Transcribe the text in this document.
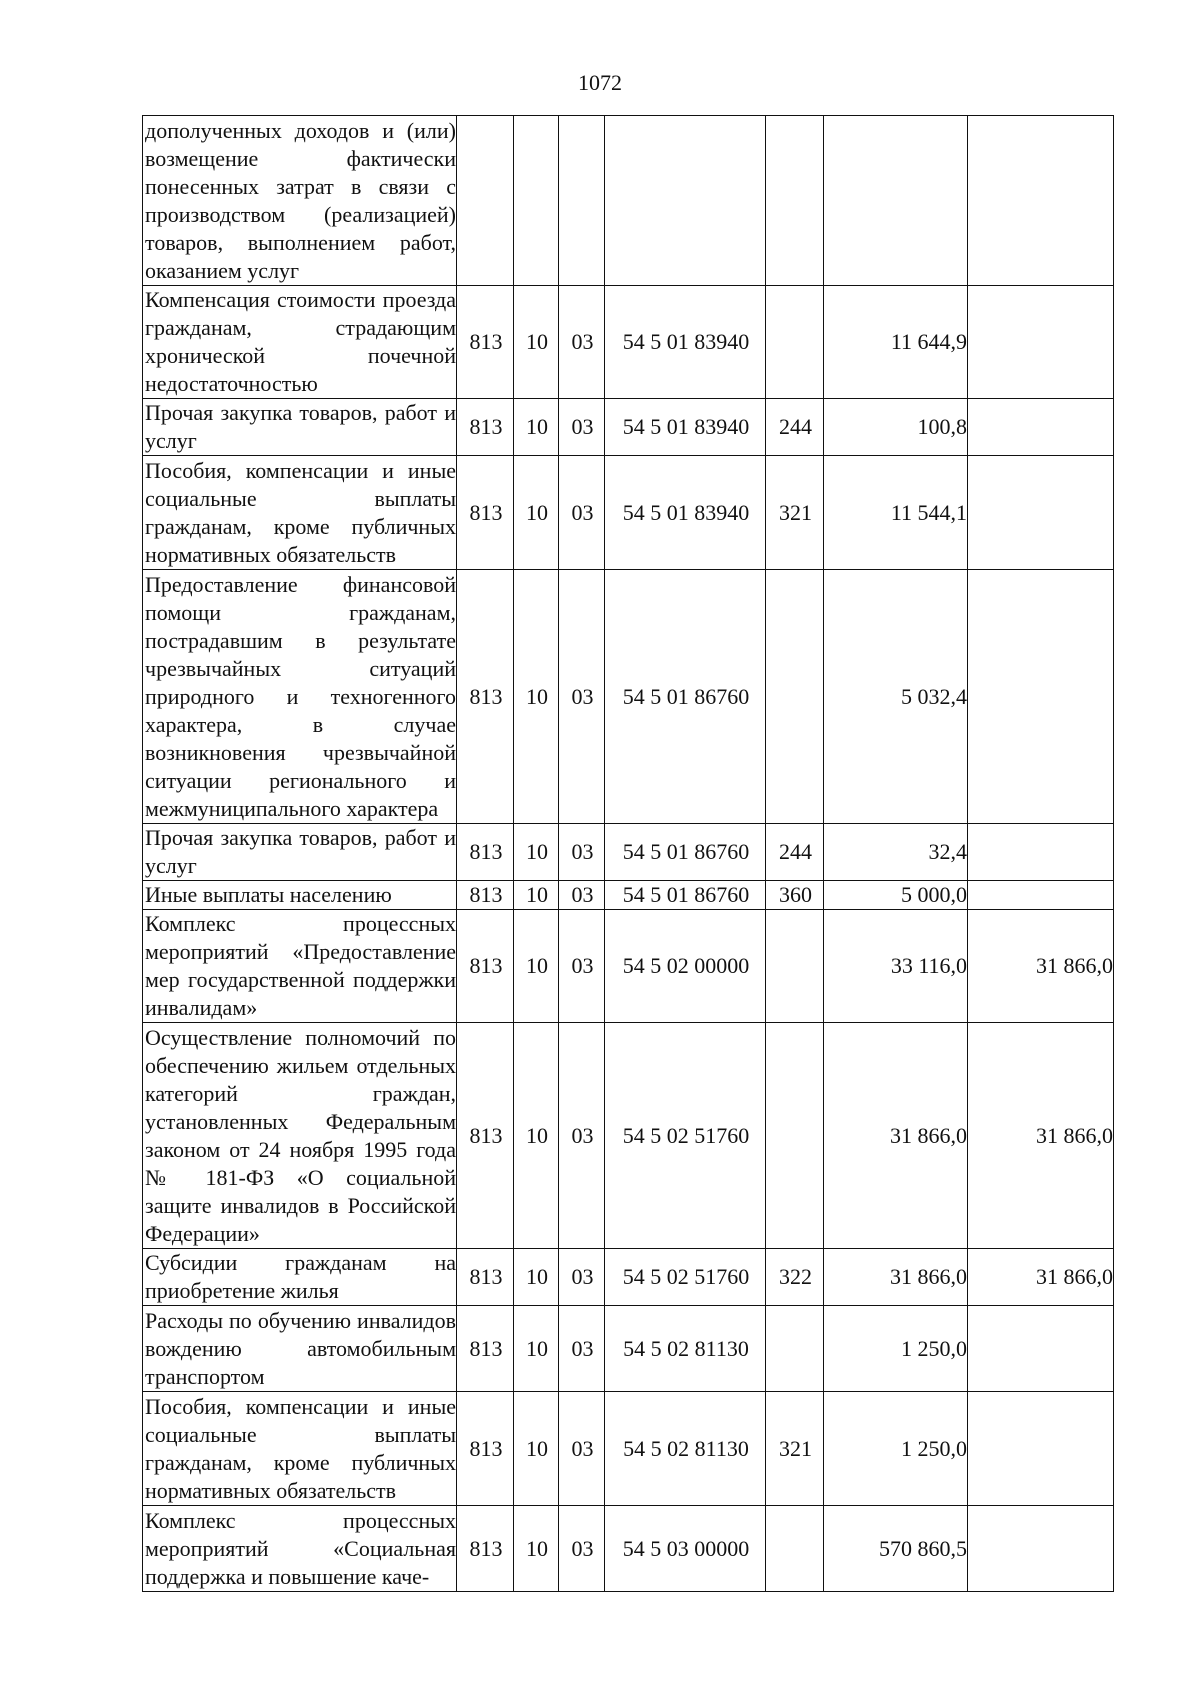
1072
дополученных доходов и (или) возмещение фактически понесенных затрат в связи с производством (реализацией) товаров, выполнением работ, оказанием услуг							
Компенсация стоимости проезда гражданам, страдающим хронической почечной недостаточностью	813	10	03	54 5 01 83940		11 644,9	
Прочая закупка товаров, работ и услуг	813	10	03	54 5 01 83940	244	100,8	
Пособия, компенсации и иные социальные выплаты гражданам, кроме публичных нормативных обязательств	813	10	03	54 5 01 83940	321	11 544,1	
Предоставление финансовой помощи гражданам, пострадавшим в результате чрезвычайных ситуаций природного и техногенного характера, в случае возникновения чрезвычайной ситуации регионального и межмуниципального характера	813	10	03	54 5 01 86760		5 032,4	
Прочая закупка товаров, работ и услуг	813	10	03	54 5 01 86760	244	32,4	
Иные выплаты населению	813	10	03	54 5 01 86760	360	5 000,0	
Комплекс процессных мероприятий «Предоставление мер государственной поддержки инвалидам»	813	10	03	54 5 02 00000		33 116,0	31 866,0
Осуществление полномочий по обеспечению жильем отдельных категорий граждан, установленных Федеральным законом от 24 ноября 1995 года № 181-ФЗ «О социальной защите инвалидов в Российской Федерации»	813	10	03	54 5 02 51760		31 866,0	31 866,0
Субсидии гражданам на приобретение жилья	813	10	03	54 5 02 51760	322	31 866,0	31 866,0
Расходы по обучению инвалидов вождению автомобильным транспортом	813	10	03	54 5 02 81130		1 250,0	
Пособия, компенсации и иные социальные выплаты гражданам, кроме публичных нормативных обязательств	813	10	03	54 5 02 81130	321	1 250,0	
Комплекс процессных мероприятий «Социальная поддержка и повышение каче-	813	10	03	54 5 03 00000		570 860,5	
